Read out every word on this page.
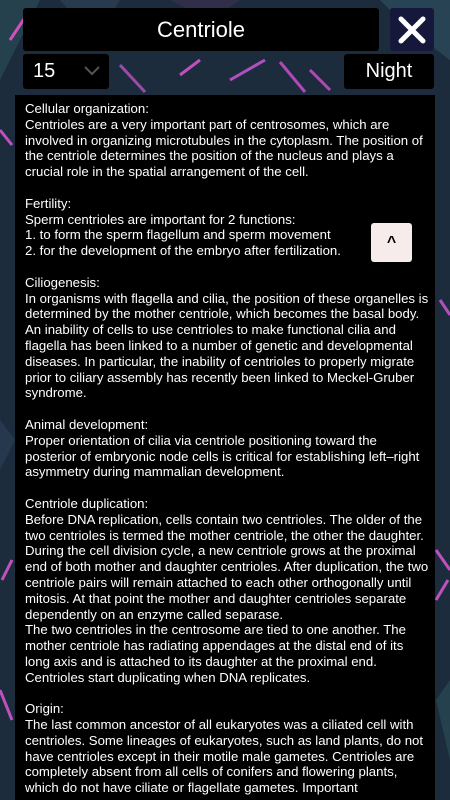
Centriole
15	Night

Cellular organization:

Centrioles are a very important part of centrosomes, which are involved in organizing microtubules in the cytoplasm. The position of the centriole determines the position of the nucleus and plays a crucial role in the spatial arrangement of the cell.

Fertility:

Sperm centrioles are important for 2 functions:

1. to form the sperm flagellum and sperm movement

2. for the development of the embryo after fertilization.

Ciliogenesis:

In organisms with flagella and cilia, the position of these organelles is determined by the mother centriole, which becomes the basal body. An inability of cells to use centrioles to make functional cilia and flagella has been linked to a number of genetic and developmental diseases. In particular, the inability of centrioles to properly migrate prior to ciliary assembly has recently been linked to Meckel-Gruber syndrome.

Animal development:

Proper orientation of cilia via centriole positioning toward the posterior of embryonic node cells is critical for establishing left–right asymmetry during mammalian development.

Centriole duplication:

Before DNA replication, cells contain two centrioles. The older of the two centrioles is termed the mother centriole, the other the daughter. During the cell division cycle, a new centriole grows at the proximal end of both mother and daughter centrioles. After duplication, the two centriole pairs will remain attached to each other orthogonally until mitosis. At that point the mother and daughter centrioles separate dependently on an enzyme called separase.

The two centrioles in the centrosome are tied to one another. The mother centriole has radiating appendages at the distal end of its long axis and is attached to its daughter at the proximal end. Centrioles start duplicating when DNA replicates.

Origin:

The last common ancestor of all eukaryotes was a ciliated cell with centrioles. Some lineages of eukaryotes, such as land plants, do not have centrioles except in their motile male gametes. Centrioles are completely absent from all cells of conifers and flowering plants, which do not have ciliate or flagellate gametes. Important

^
